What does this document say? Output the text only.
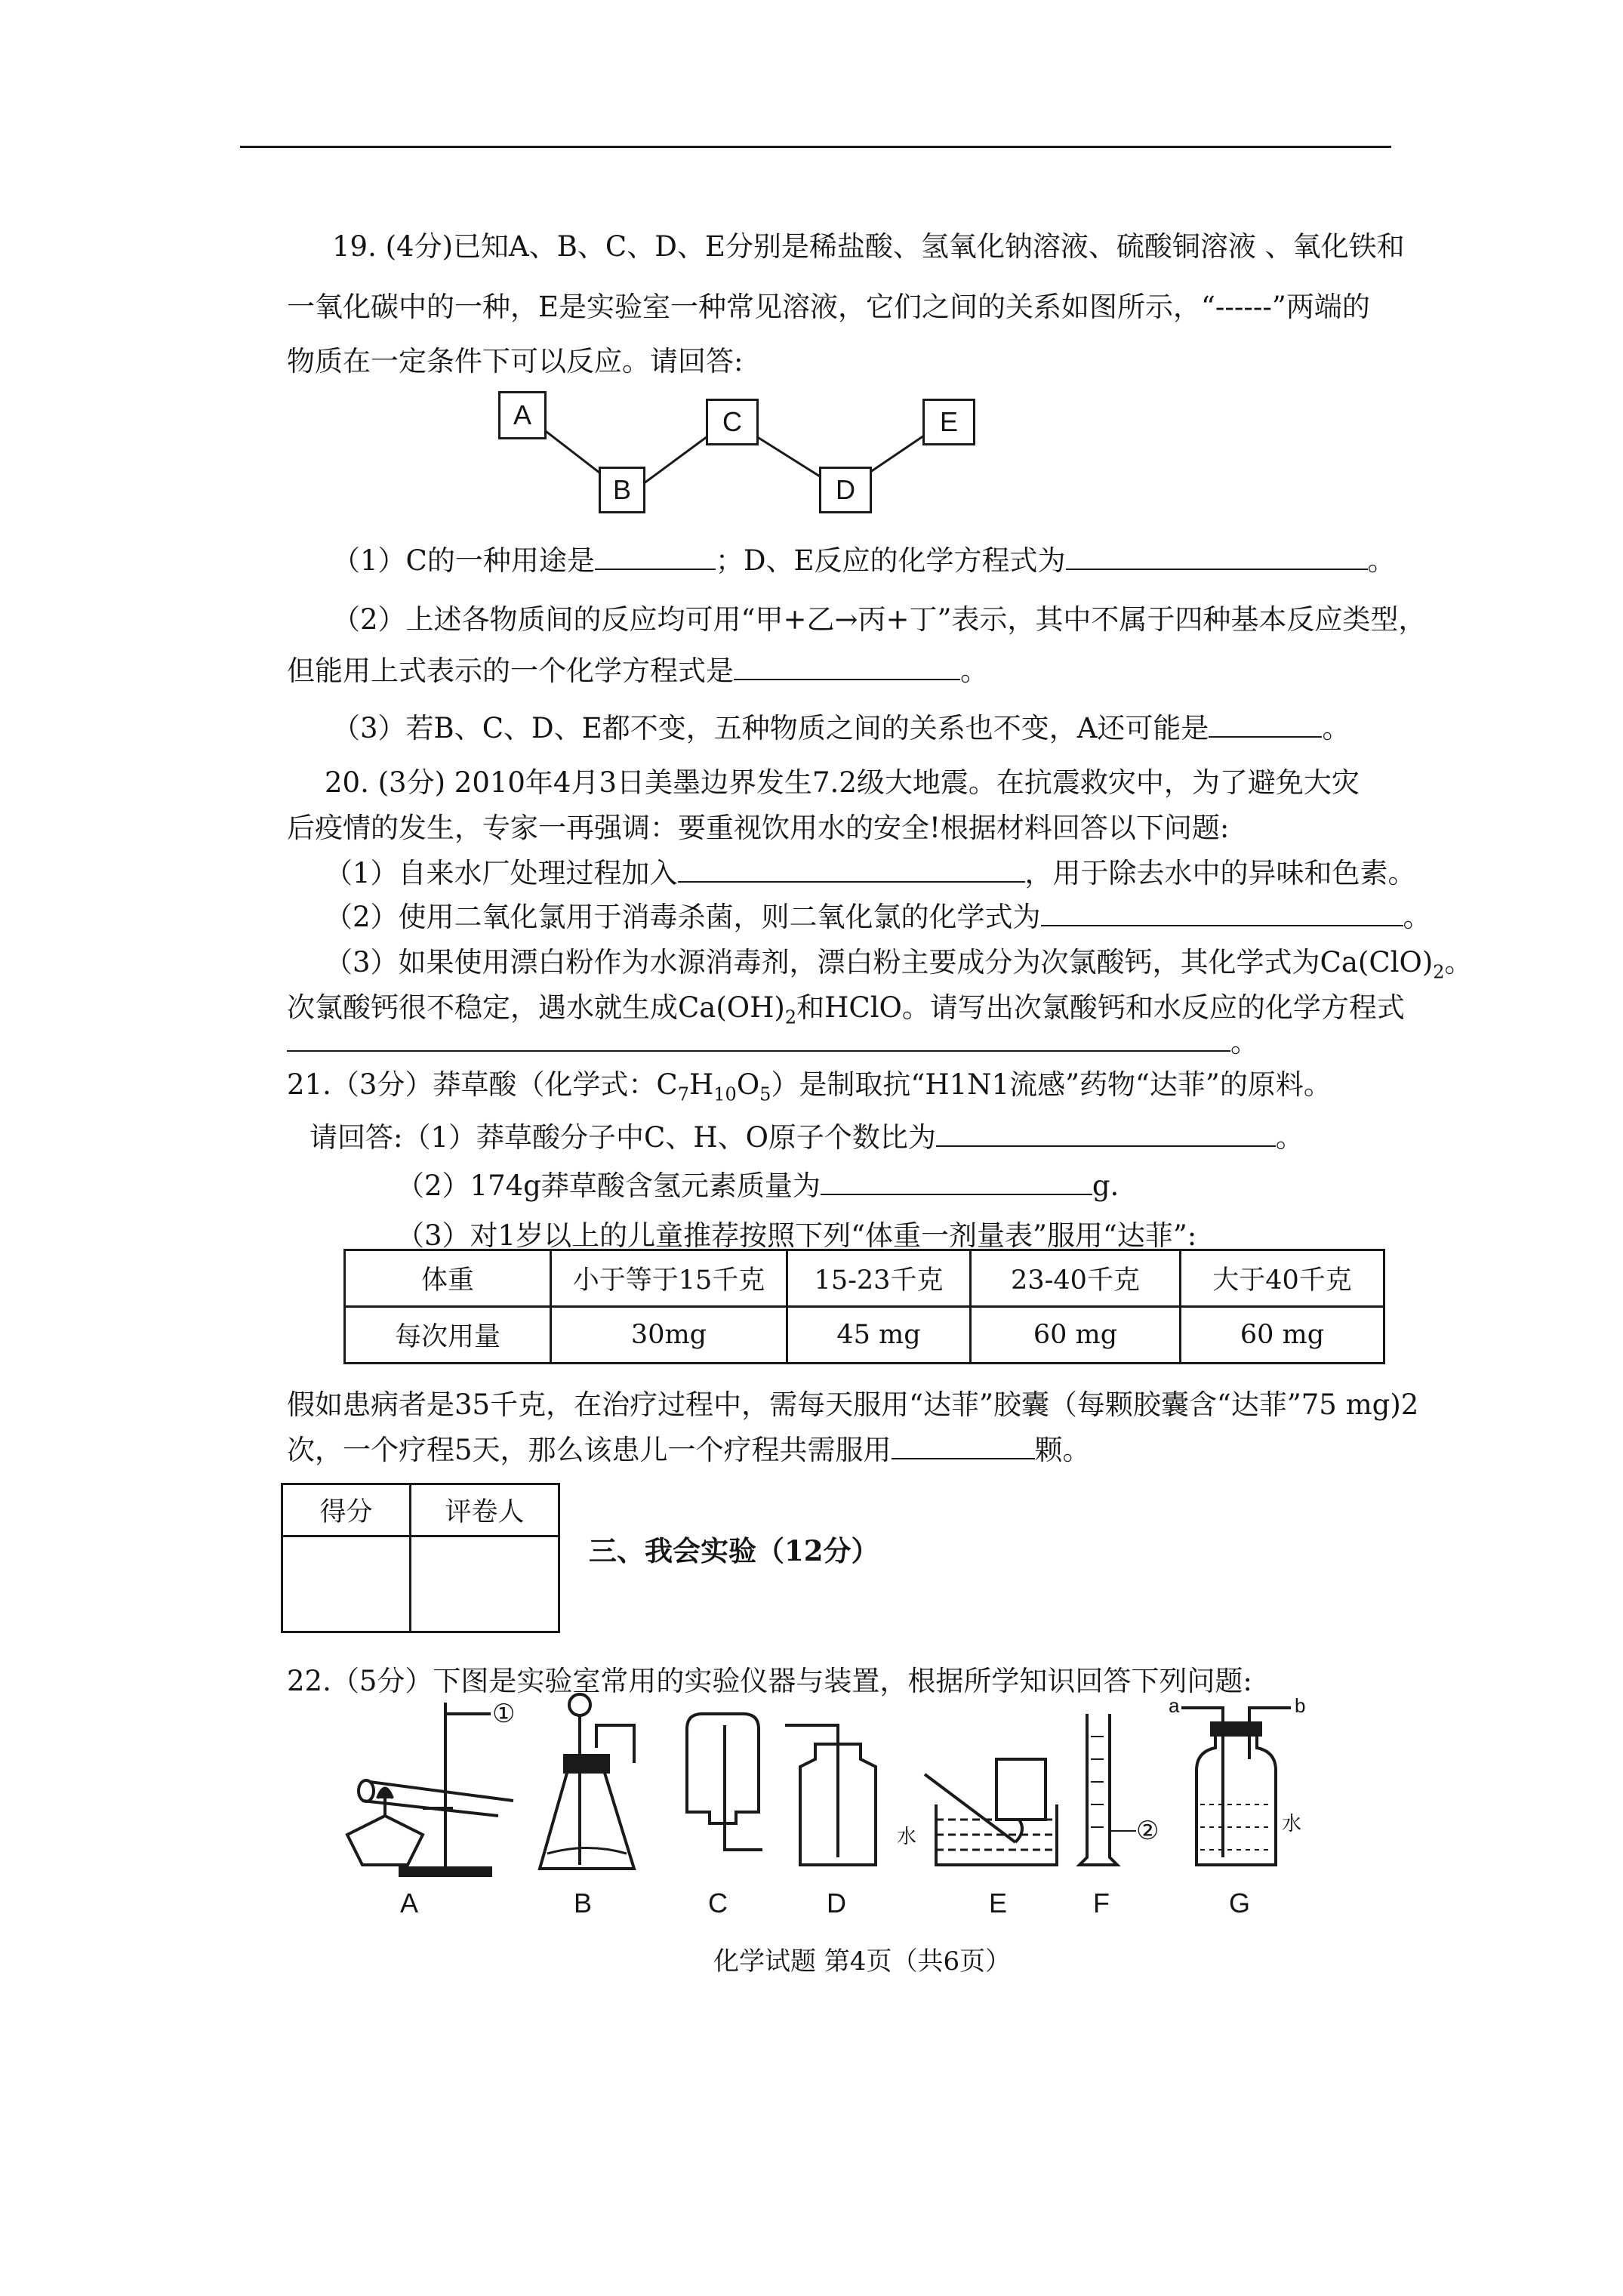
19. (4分)已知A、B、C、D、E分别是稀盐酸、氢氧化钠溶液、硫酸铜溶液 、氧化铁和
一氧化碳中的一种，E是实验室一种常见溶液，它们之间的关系如图所示，“------”两端的
物质在一定条件下可以反应。请回答:
A
B
C
D
E
（1）C的一种用途是	；D、E反应的化学方程式为	。
（2）上述各物质间的反应均可用“甲+乙→丙+丁”表示，其中不属于四种基本反应类型，
但能用上式表示的一个化学方程式是	。
（3）若B、C、D、E都不变，五种物质之间的关系也不变，A还可能是	。
20. (3分) 2010年4月3日美墨边界发生7.2级大地震。在抗震救灾中，为了避免大灾
后疫情的发生，专家一再强调：要重视饮用水的安全!根据材料回答以下问题:
（1）自来水厂处理过程加入	，用于除去水中的异味和色素。
（2）使用二氧化氯用于消毒杀菌，则二氧化氯的化学式为	。
（3）如果使用漂白粉作为水源消毒剂，漂白粉主要成分为次氯酸钙，其化学式为$Ca(ClO)_2$。
次氯酸钙很不稳定，遇水就生成$Ca(OH)_2$和HClO。请写出次氯酸钙和水反应的化学方程式
。
21.（3分）莽草酸（化学式：$C_7H_{10}O_5$）是制取抗“H1N1流感”药物“达菲”的原料。
请回答:（1）莽草酸分子中C、H、O原子个数比为	。
（2）174g莽草酸含氢元素质量为	g.
（3）对1岁以上的儿童推荐按照下列“体重一剂量表”服用“达菲”:
体重	小于等于15千克	15-23千克	23-40千克	大于40千克
每次用量	30mg	45 mg	60 mg	60 mg
假如患病者是35千克，在治疗过程中，需每天服用“达菲”胶囊（每颗胶囊含“达菲”75 mg)2
次，一个疗程5天，那么该患儿一个疗程共需服用	颗。
得分	评卷人

三、我会实验（12分）
22.（5分）下图是实验室常用的实验仪器与装置，根据所学知识回答下列问题:
①
②
水
水
a	b
A	B	C	D	E	F	G
化学试题 第4页（共6页）
